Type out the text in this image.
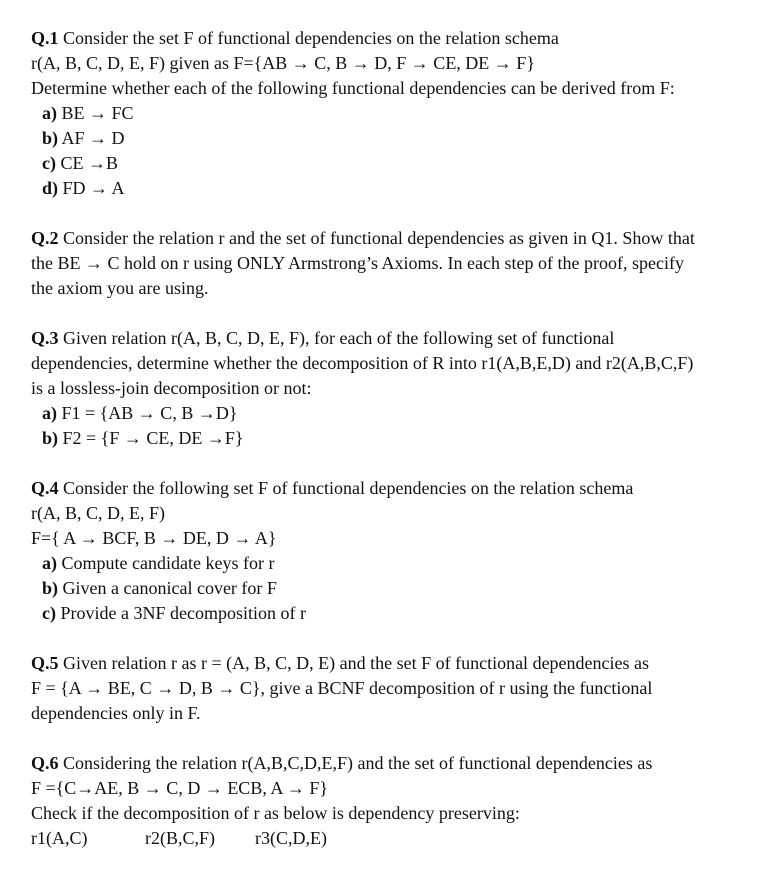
Q.1 Consider the set F of functional dependencies on the relation schema
r(A, B, C, D, E, F) given as F={AB → C, B → D, F → CE, DE → F}
Determine whether each of the following functional dependencies can be derived from F:
a) BE → FC
b) AF → D
c) CE →B
d) FD → A
Q.2 Consider the relation r and the set of functional dependencies as given in Q1. Show that
the BE → C hold on r using ONLY Armstrong’s Axioms. In each step of the proof, specify
the axiom you are using.
Q.3 Given relation r(A, B, C, D, E, F), for each of the following set of functional
dependencies, determine whether the decomposition of R into r1(A,B,E,D) and r2(A,B,C,F)
is a lossless-join decomposition or not:
a) F1 = {AB → C, B →D}
b) F2 = {F → CE, DE →F}
Q.4 Consider the following set F of functional dependencies on the relation schema
r(A, B, C, D, E, F)
F={ A → BCF, B → DE, D → A}
a) Compute candidate keys for r
b) Given a canonical cover for F
c) Provide a 3NF decomposition of r
Q.5 Given relation r as r = (A, B, C, D, E) and the set F of functional dependencies as
F = {A → BE, C → D, B → C}, give a BCNF decomposition of r using the functional
dependencies only in F.
Q.6 Considering the relation r(A,B,C,D,E,F) and the set of functional dependencies as
F ={C→AE, B → C, D → ECB, A → F}
Check if the decomposition of r as below is dependency preserving:
r1(A,C)	r2(B,C,F)	r3(C,D,E)
